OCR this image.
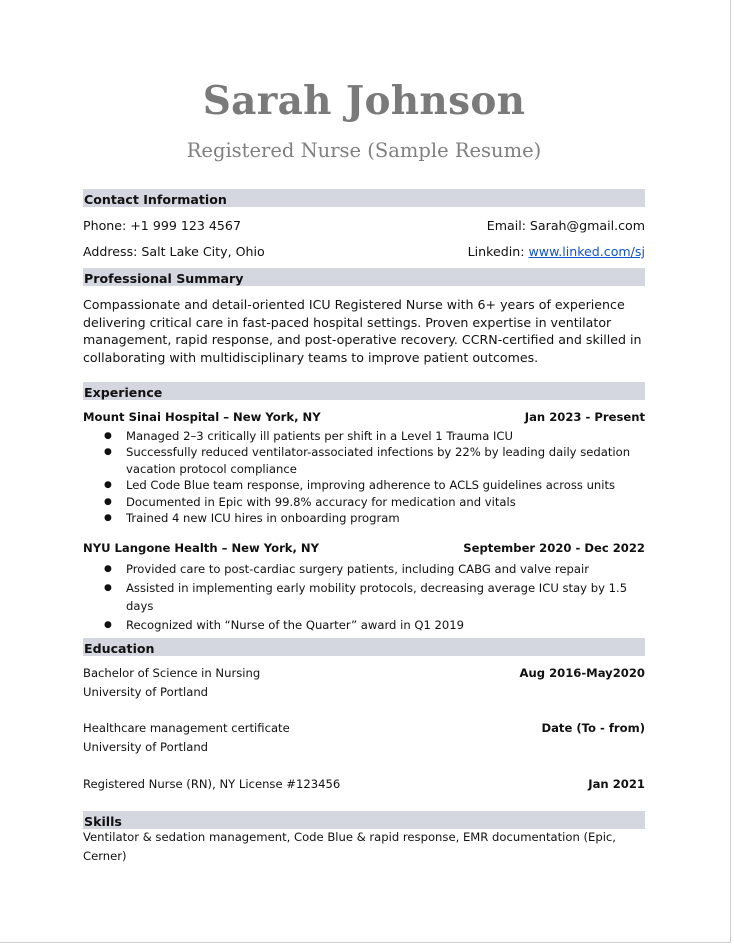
Sarah Johnson
Registered Nurse (Sample Resume)
Contact Information
Phone: +1 999 123 4567	Email: Sarah@gmail.com
Address: Salt Lake City, Ohio	Linkedin: www.linked.com/sj
Professional Summary
Compassionate and detail-oriented ICU Registered Nurse with 6+ years of experience delivering critical care in fast-paced hospital settings. Proven expertise in ventilator management, rapid response, and post-operative recovery. CCRN-certified and skilled in collaborating with multidisciplinary teams to improve patient outcomes.
Experience
Mount Sinai Hospital – New York, NY	Jan 2023 - Present
● Managed 2–3 critically ill patients per shift in a Level 1 Trauma ICU
● Successfully reduced ventilator-associated infections by 22% by leading daily sedation vacation protocol compliance
● Led Code Blue team response, improving adherence to ACLS guidelines across units
● Documented in Epic with 99.8% accuracy for medication and vitals
● Trained 4 new ICU hires in onboarding program
NYU Langone Health – New York, NY	September 2020 - Dec 2022
● Provided care to post-cardiac surgery patients, including CABG and valve repair
● Assisted in implementing early mobility protocols, decreasing average ICU stay by 1.5 days
● Recognized with “Nurse of the Quarter” award in Q1 2019
Education
Bachelor of Science in Nursing	Aug 2016-May2020
University of Portland
Healthcare management certificate	Date (To - from)
University of Portland
Registered Nurse (RN), NY License #123456	Jan 2021
Skills
Ventilator & sedation management, Code Blue & rapid response, EMR documentation (Epic, Cerner)
